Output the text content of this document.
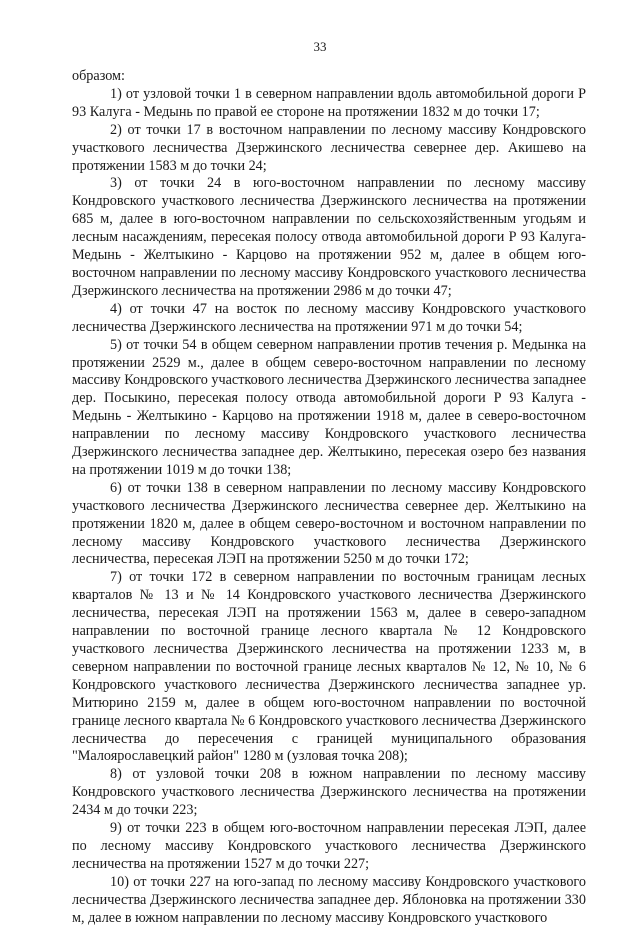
33

образом:

1) от узловой точки 1 в северном направлении вдоль автомобильной дороги Р 93 Калуга - Медынь по правой ее стороне на протяжении 1832 м до точки 17;

2) от точки 17 в восточном направлении по лесному массиву Кондровского участкового лесничества Дзержинского лесничества севернее дер. Акишево на протяжении 1583 м до точки 24;

3) от точки 24 в юго-восточном направлении по лесному массиву Кондровского участкового лесничества Дзержинского лесничества на протяжении 685 м, далее в юго-восточном направлении по сельскохозяйственным угодьям и лесным насаждениям, пересекая полосу отвода автомобильной дороги Р 93 Калуга- Медынь - Желтыкино - Карцово на протяжении 952 м, далее в общем юго-восточном направлении по лесному массиву Кондровского участкового лесничества Дзержинского лесничества на протяжении 2986 м до точки 47;

4) от точки 47 на восток по лесному массиву Кондровского участкового лесничества Дзержинского лесничества на протяжении 971 м до точки 54;

5) от точки 54 в общем северном направлении против течения р. Медынка на протяжении 2529 м., далее в общем северо-восточном направлении по лесному массиву Кондровского участкового лесничества Дзержинского лесничества западнее дер. Посыкино, пересекая полосу отвода автомобильной дороги Р 93 Калуга - Медынь - Желтыкино - Карцово на протяжении 1918 м, далее в северо-восточном направлении по лесному массиву Кондровского участкового лесничества Дзержинского лесничества западнее дер. Желтыкино, пересекая озеро без названия на протяжении 1019 м до точки 138;

6) от точки 138 в северном направлении по лесному массиву Кондровского участкового лесничества Дзержинского лесничества севернее дер. Желтыкино на протяжении 1820 м, далее в общем северо-восточном и восточном направлении по лесному массиву Кондровского участкового лесничества Дзержинского лесничества, пересекая ЛЭП на протяжении 5250 м до точки 172;

7) от точки 172 в северном направлении по восточным границам лесных кварталов № 13 и № 14 Кондровского участкового лесничества Дзержинского лесничества, пересекая ЛЭП на протяжении 1563 м, далее в северо-западном направлении по восточной границе лесного квартала № 12 Кондровского участкового лесничества Дзержинского лесничества на протяжении 1233 м, в северном направлении по восточной границе лесных кварталов № 12, № 10, № 6 Кондровского участкового лесничества Дзержинского лесничества западнее ур. Митюрино 2159 м, далее в общем юго-восточном направлении по восточной границе лесного квартала № 6 Кондровского участкового лесничества Дзержинского лесничества до пересечения с границей муниципального образования "Малоярославецкий район" 1280 м (узловая точка 208);

8) от узловой точки 208 в южном направлении по лесному массиву Кондровского участкового лесничества Дзержинского лесничества на протяжении 2434 м до точки 223;

9) от точки 223 в общем юго-восточном направлении пересекая ЛЭП, далее по лесному массиву Кондровского участкового лесничества Дзержинского лесничества на протяжении 1527 м до точки 227;

10) от точки 227 на юго-запад по лесному массиву Кондровского участкового лесничества Дзержинского лесничества западнее дер. Яблоновка на протяжении 330 м, далее в южном направлении по лесному массиву Кондровского участкового
